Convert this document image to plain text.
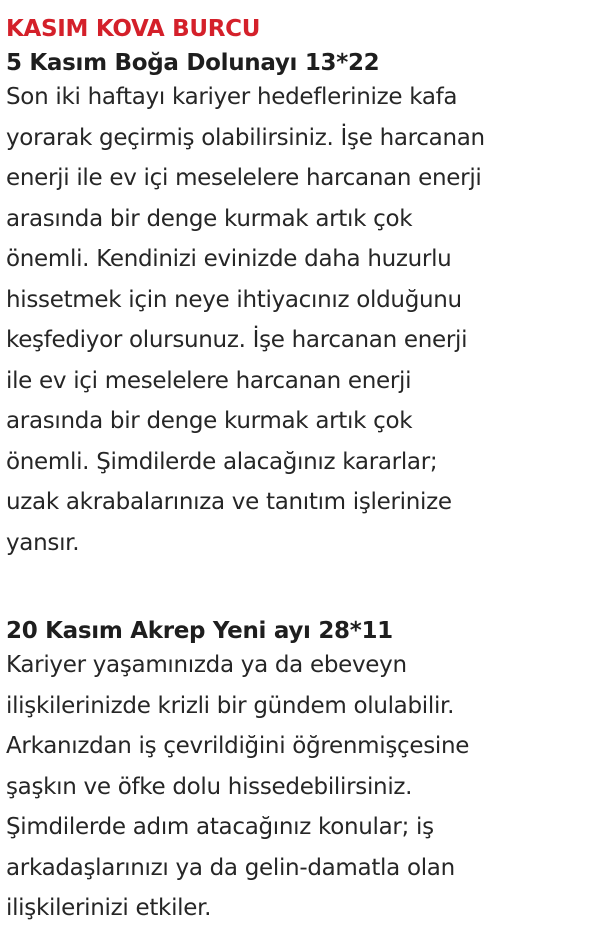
KASIM KOVA BURCU
5 Kasım Boğa Dolunayı 13*22
Son iki haftayı kariyer hedeflerinize kafa
yorarak geçirmiş olabilirsiniz. İşe harcanan
enerji ile ev içi meselelere harcanan enerji
arasında bir denge kurmak artık çok
önemli. Kendinizi evinizde daha huzurlu
hissetmek için neye ihtiyacınız olduğunu
keşfediyor olursunuz. İşe harcanan enerji
ile ev içi meselelere harcanan enerji
arasında bir denge kurmak artık çok
önemli. Şimdilerde alacağınız kararlar;
uzak akrabalarınıza ve tanıtım işlerinize
yansır.
20 Kasım Akrep Yeni ayı 28*11
Kariyer yaşamınızda ya da ebeveyn
ilişkilerinizde krizli bir gündem olulabilir.
Arkanızdan iş çevrildiğini öğrenmişçesine
şaşkın ve öfke dolu hissedebilirsiniz.
Şimdilerde adım atacağınız konular; iş
arkadaşlarınızı ya da gelin-damatla olan
ilişkilerinizi etkiler.
